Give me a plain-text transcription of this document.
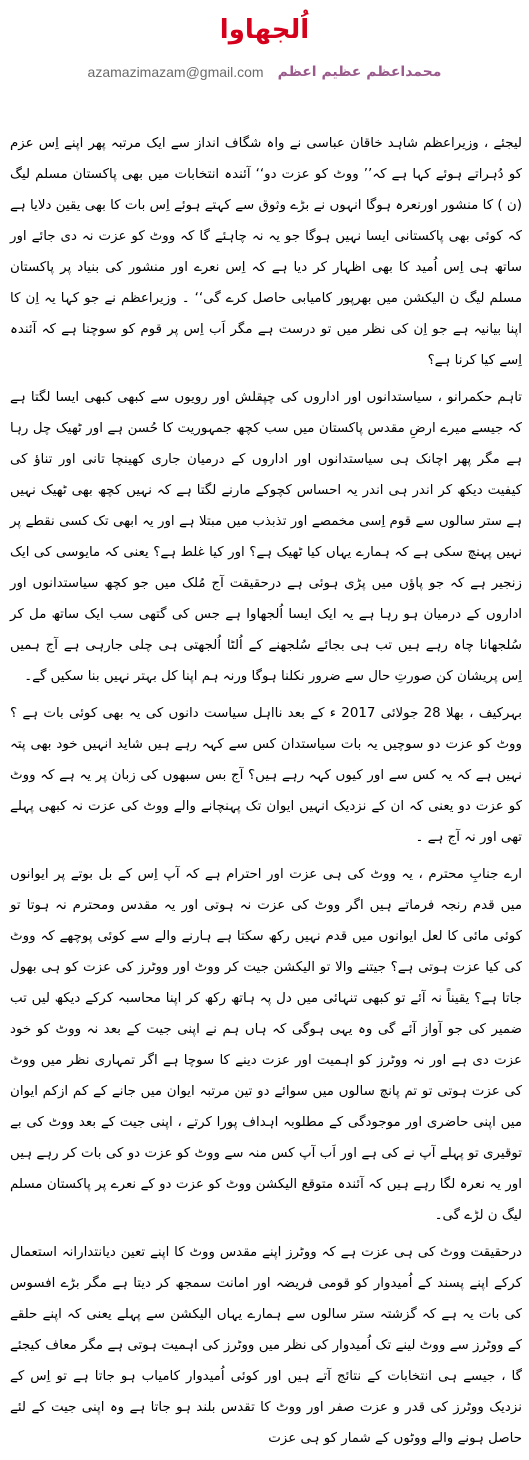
اُلجھاوا
azamazimazam@gmail.com محمداعظم عظیم اعظم

لیجئے ، وزیراعظم شاہد خاقان عباسی نے واہ شگاف انداز سے ایک مرتبہ پھر اپنے اِس عزم کو دُہراتے ہوئے کہا ہے کہ’’ ووٹ کو عزت دو‘‘ آئندہ انتخابات میں بھی پاکستان مسلم لیگ (ن ) کا منشور اورنعرہ ہوگا انہوں نے بڑے وثوق سے کہتے ہوئے اِس بات کا بھی یقین دلایا ہے کہ کوئی بھی پاکستانی ایسا نہیں ہوگا جو یہ نہ چاہئے گا کہ ووٹ کو عزت نہ دی جائے اور ساتھ ہی اِس اُمید کا بھی اظہار کر دیا ہے کہ اِس نعرے اور منشور کی بنیاد پر پاکستان مسلم لیگ ن الیکشن میں بھرپور کامیابی حاصل کرے گی‘‘ ۔ وزیراعظم نے جو کہا یہ اِن کا اپنا بیانیہ ہے جو اِن کی نظر میں تو درست ہے مگر اَب اِس پر قوم کو سوچنا ہے کہ آئندہ اِسے کیا کرنا ہے؟

تاہم حکمرانو ، سیاستدانوں اور اداروں کی چپقلش اور رویوں سے کبھی کبھی ایسا لگتا ہے کہ جیسے میرے ارضِ مقدس پاکستان میں سب کچھ جمہوریت کا حُسن ہے اور ٹھیک چل رہا ہے مگر پھر اچانک ہی سیاستدانوں اور اداروں کے درمیان جاری کھینچا تانی اور تناؤ کی کیفیت دیکھ کر اندر ہی اندر یہ احساس کچوکے مارنے لگتا ہے کہ نہیں کچھ بھی ٹھیک نہیں ہے ستر سالوں سے قوم اِسی مخمصے اور تذبذب میں مبتلا ہے اور یہ ابھی تک کسی نقطے پر نہیں پہنچ سکی ہے کہ ہمارے یہاں کیا ٹھیک ہے؟ اور کیا غلط ہے؟ یعنی کہ مایوسی کی ایک زنجیر ہے کہ جو پاؤں میں پڑی ہوئی ہے درحقیقت آج مُلک میں جو کچھ سیاستدانوں اور اداروں کے درمیان ہو رہا ہے یہ ایک ایسا اُلجھاوا ہے جس کی گتھی سب ایک ساتھ مل کر سُلجھانا چاہ رہے ہیں تب ہی بجائے سُلجھنے کے اُلٹا اُلجھتی ہی چلی جارہی ہے آج ہمیں اِس پریشان کن صورتِ حال سے ضرور نکلنا ہوگا ورنہ ہم اپنا کل بہتر نہیں بنا سکیں گے۔

بہرکیف ، بھلا 28 جولائی 2017 ء کے بعد نااہل سیاست دانوں کی یہ بھی کوئی بات ہے ؟ ووٹ کو عزت دو سوچیں یہ بات سیاستدان کس سے کہہ رہے ہیں شاید انہیں خود بھی پتہ نہیں ہے کہ یہ کس سے اور کیوں کہہ رہے ہیں؟ آج بس سبھوں کی زبان پر یہ ہے کہ ووٹ کو عزت دو یعنی کہ ان کے نزدیک انہیں ایوان تک پہنچانے والے ووٹ کی عزت نہ کبھی پہلے تھی اور نہ آج ہے ۔

ارے جنابِ محترم ، یہ ووٹ کی ہی عزت اور احترام ہے کہ آپ اِس کے بل بوتے پر ایوانوں میں قدم رنجہ فرماتے ہیں اگر ووٹ کی عزت نہ ہوتی اور یہ مقدس ومحترم نہ ہوتا تو کوئی مائی کا لعل ایوانوں میں قدم نہیں رکھ سکتا ہے ہارنے والے سے کوئی پوچھے کہ ووٹ کی کیا عزت ہوتی ہے؟ جیتنے والا تو الیکشن جیت کر ووٹ اور ووٹرز کی عزت کو ہی بھول جاتا ہے؟ یقیناً نہ آئے تو کبھی تنہائی میں دل پہ ہاتھ رکھ کر اپنا محاسبہ کرکے دیکھ لیں تب ضمیر کی جو آواز آئے گی وہ یہی ہوگی کہ ہاں ہم نے اپنی جیت کے بعد نہ ووٹ کو خود عزت دی ہے اور نہ ووٹرز کو اہمیت اور عزت دینے کا سوچا ہے اگر تمہاری نظر میں ووٹ کی عزت ہوتی تو تم پانچ سالوں میں سوائے دو تین مرتبہ ایوان میں جانے کے کم ازکم ایوان میں اپنی حاضری اور موجودگی کے مطلوبہ اہداف پورا کرتے ، اپنی جیت کے بعد ووٹ کی بے توقیری تو پہلے آپ نے کی ہے اور اَب آپ کس منہ سے ووٹ کو عزت دو کی بات کر رہے ہیں اور یہ نعرہ لگا رہے ہیں کہ آئندہ متوقع الیکشن ووٹ کو عزت دو کے نعرے پر پاکستان مسلم لیگ ن لڑے گی۔

درحقیقت ووٹ کی ہی عزت ہے کہ ووٹرز اپنے مقدس ووٹ کا اپنے تعین دیانتدارانہ استعمال کرکے اپنے پسند کے اُمیدوار کو قومی فریضہ اور امانت سمجھ کر دیتا ہے مگر بڑے افسوس کی بات یہ ہے کہ گزشتہ ستر سالوں سے ہمارے یہاں الیکشن سے پہلے یعنی کہ اپنے حلقے کے ووٹرز سے ووٹ لینے تک اُمیدوار کی نظر میں ووٹرز کی اہمیت ہوتی ہے مگر معاف کیجئے گا ، جیسے ہی انتخابات کے نتائج آتے ہیں اور کوئی اُمیدوار کامیاب ہو جاتا ہے تو اِس کے نزدیک ووٹرز کی قدر و عزت صفر اور ووٹ کا تقدس بلند ہو جاتا ہے وہ اپنی جیت کے لئے حاصل ہونے والے ووٹوں کے شمار کو ہی عزت
